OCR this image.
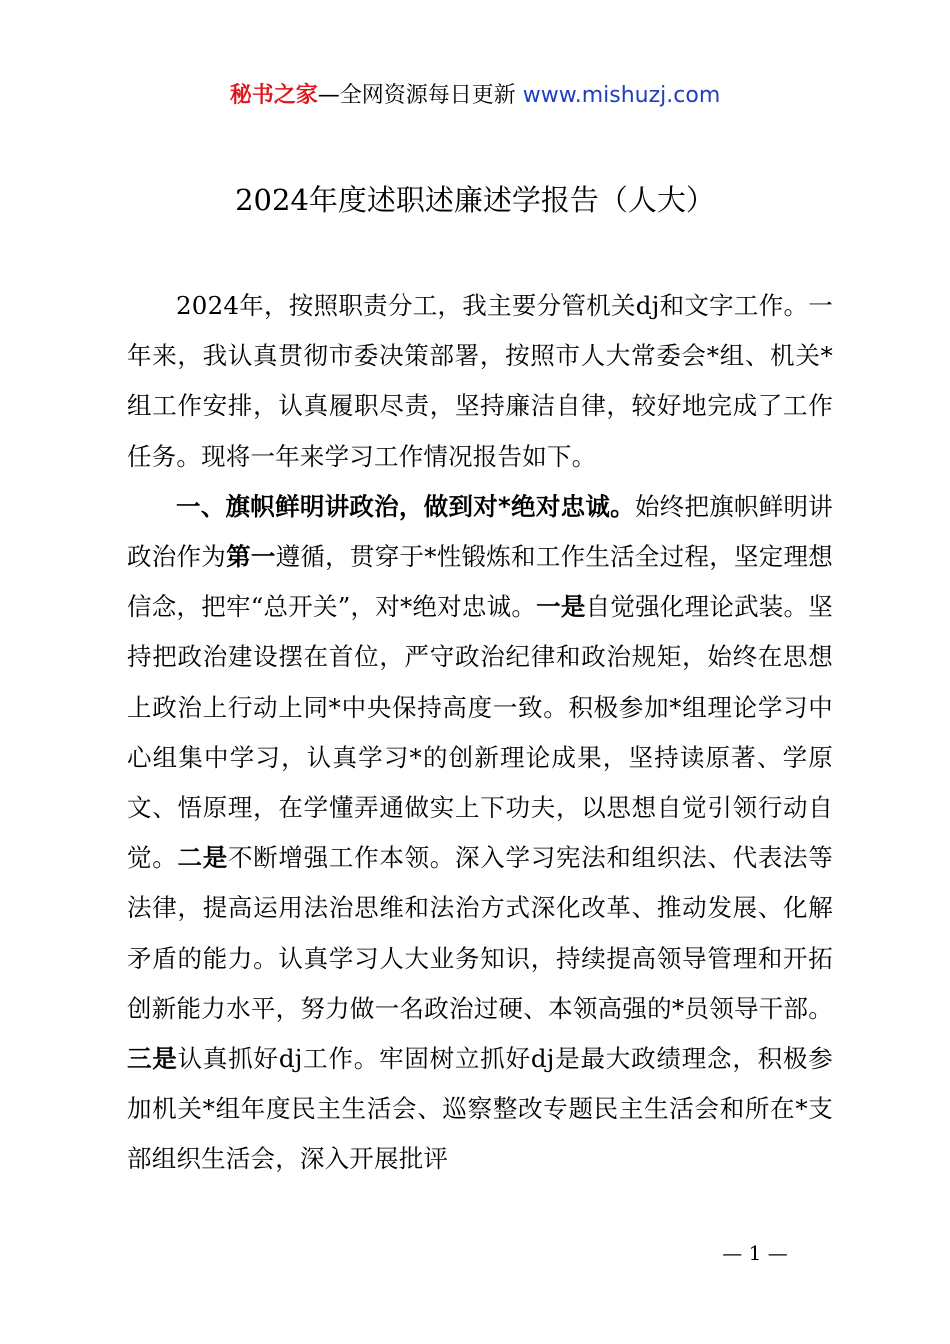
秘书之家—全网资源每日更新 www.mishuzj.com
2024年度述职述廉述学报告（人大）

2024年，按照职责分工，我主要分管机关dj和文字工作。一年来，我认真贯彻市委决策部署，按照市人大常委会*组、机关*组工作安排，认真履职尽责，坚持廉洁自律，较好地完成了工作任务。现将一年来学习工作情况报告如下。

一、旗帜鲜明讲政治，做到对*绝对忠诚。始终把旗帜鲜明讲政治作为第一遵循，贯穿于*性锻炼和工作生活全过程，坚定理想信念，把牢“总开关”，对*绝对忠诚。一是自觉强化理论武装。坚持把政治建设摆在首位，严守政治纪律和政治规矩，始终在思想上政治上行动上同*中央保持高度一致。积极参加*组理论学习中心组集中学习，认真学习*的创新理论成果，坚持读原著、学原文、悟原理，在学懂弄通做实上下功夫，以思想自觉引领行动自觉。二是不断增强工作本领。深入学习宪法和组织法、代表法等法律，提高运用法治思维和法治方式深化改革、推动发展、化解矛盾的能力。认真学习人大业务知识，持续提高领导管理和开拓创新能力水平，努力做一名政治过硬、本领高强的*员领导干部。三是认真抓好dj工作。牢固树立抓好dj是最大政绩理念，积极参加机关*组年度民主生活会、巡察整改专题民主生活会和所在*支部组织生活会，深入开展批评

— 1 —
